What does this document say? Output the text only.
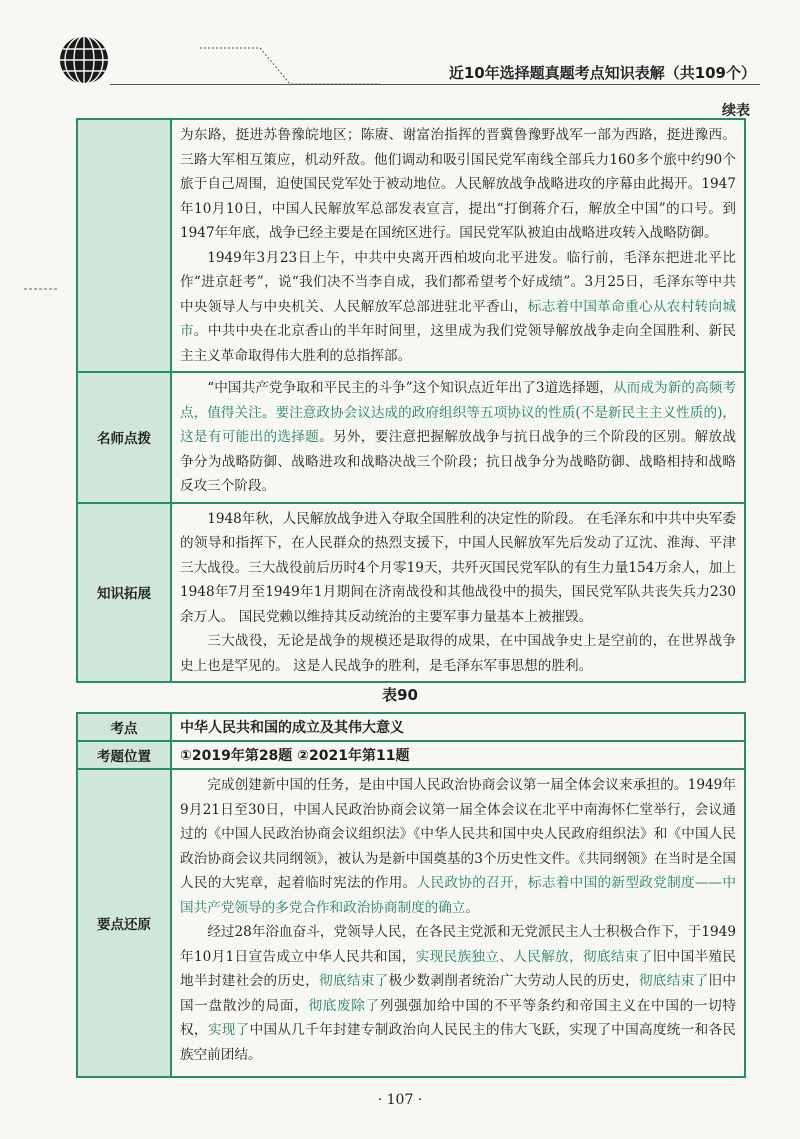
近10年选择题真题考点知识表解（共109个）
续表

	为东路，挺进苏鲁豫皖地区；陈赓、谢富治指挥的晋冀鲁豫野战军一部为西路，挺进豫西。三路大军相互策应，机动歼敌。他们调动和吸引国民党军南线全部兵力160多个旅中约90个旅于自己周围，迫使国民党军处于被动地位。人民解放战争战略进攻的序幕由此揭开。1947年10月10日，中国人民解放军总部发表宣言，提出“打倒蒋介石，解放全中国”的口号。到1947年年底，战争已经主要是在国统区进行。国民党军队被迫由战略进攻转入战略防御。

1949年3月23日上午，中共中央离开西柏坡向北平进发。临行前，毛泽东把进北平比作“进京赶考”，说“我们决不当李自成，我们都希望考个好成绩”。3月25日，毛泽东等中共中央领导人与中央机关、人民解放军总部进驻北平香山，标志着中国革命重心从农村转向城市。中共中央在北京香山的半年时间里，这里成为我们党领导解放战争走向全国胜利、新民主主义革命取得伟大胜利的总指挥部。

名师点拨	“中国共产党争取和平民主的斗争”这个知识点近年出了3道选择题，从而成为新的高频考点，值得关注。要注意政协会议达成的政府组织等五项协议的性质(不是新民主主义性质的)，这是有可能出的选择题。另外，要注意把握解放战争与抗日战争的三个阶段的区别。解放战争分为战略防御、战略进攻和战略决战三个阶段；抗日战争分为战略防御、战略相持和战略反攻三个阶段。

知识拓展	1948年秋，人民解放战争进入夺取全国胜利的决定性的阶段。 在毛泽东和中共中央军委的领导和指挥下，在人民群众的热烈支援下，中国人民解放军先后发动了辽沈、淮海、平津三大战役。三大战役前后历时4个月零19天，共歼灭国民党军队的有生力量154万余人，加上1948年7月至1949年1月期间在济南战役和其他战役中的损失，国民党军队共丧失兵力230余万人。 国民党赖以维持其反动统治的主要军事力量基本上被摧毁。

三大战役，无论是战争的规模还是取得的成果，在中国战争史上是空前的，在世界战争史上也是罕见的。 这是人民战争的胜利，是毛泽东军事思想的胜利。

表90
考点	中华人民共和国的成立及其伟大意义
考题位置	①2019年第28题 ②2021年第11题
要点还原	完成创建新中国的任务，是由中国人民政治协商会议第一届全体会议来承担的。1949年9月21日至30日，中国人民政治协商会议第一届全体会议在北平中南海怀仁堂举行，会议通过的《中国人民政治协商会议组织法》《中华人民共和国中央人民政府组织法》和《中国人民政治协商会议共同纲领》，被认为是新中国奠基的3个历史性文件。《共同纲领》在当时是全国人民的大宪章，起着临时宪法的作用。人民政协的召开，标志着中国的新型政党制度——中国共产党领导的多党合作和政治协商制度的确立。

经过28年浴血奋斗，党领导人民，在各民主党派和无党派民主人士积极合作下，于1949年10月1日宣告成立中华人民共和国，实现民族独立、人民解放，彻底结束了旧中国半殖民地半封建社会的历史，彻底结束了极少数剥削者统治广大劳动人民的历史，彻底结束了旧中国一盘散沙的局面，彻底废除了列强强加给中国的不平等条约和帝国主义在中国的一切特权，实现了中国从几千年封建专制政治向人民民主的伟大飞跃，实现了中国高度统一和各民族空前团结。

· 107 ·
